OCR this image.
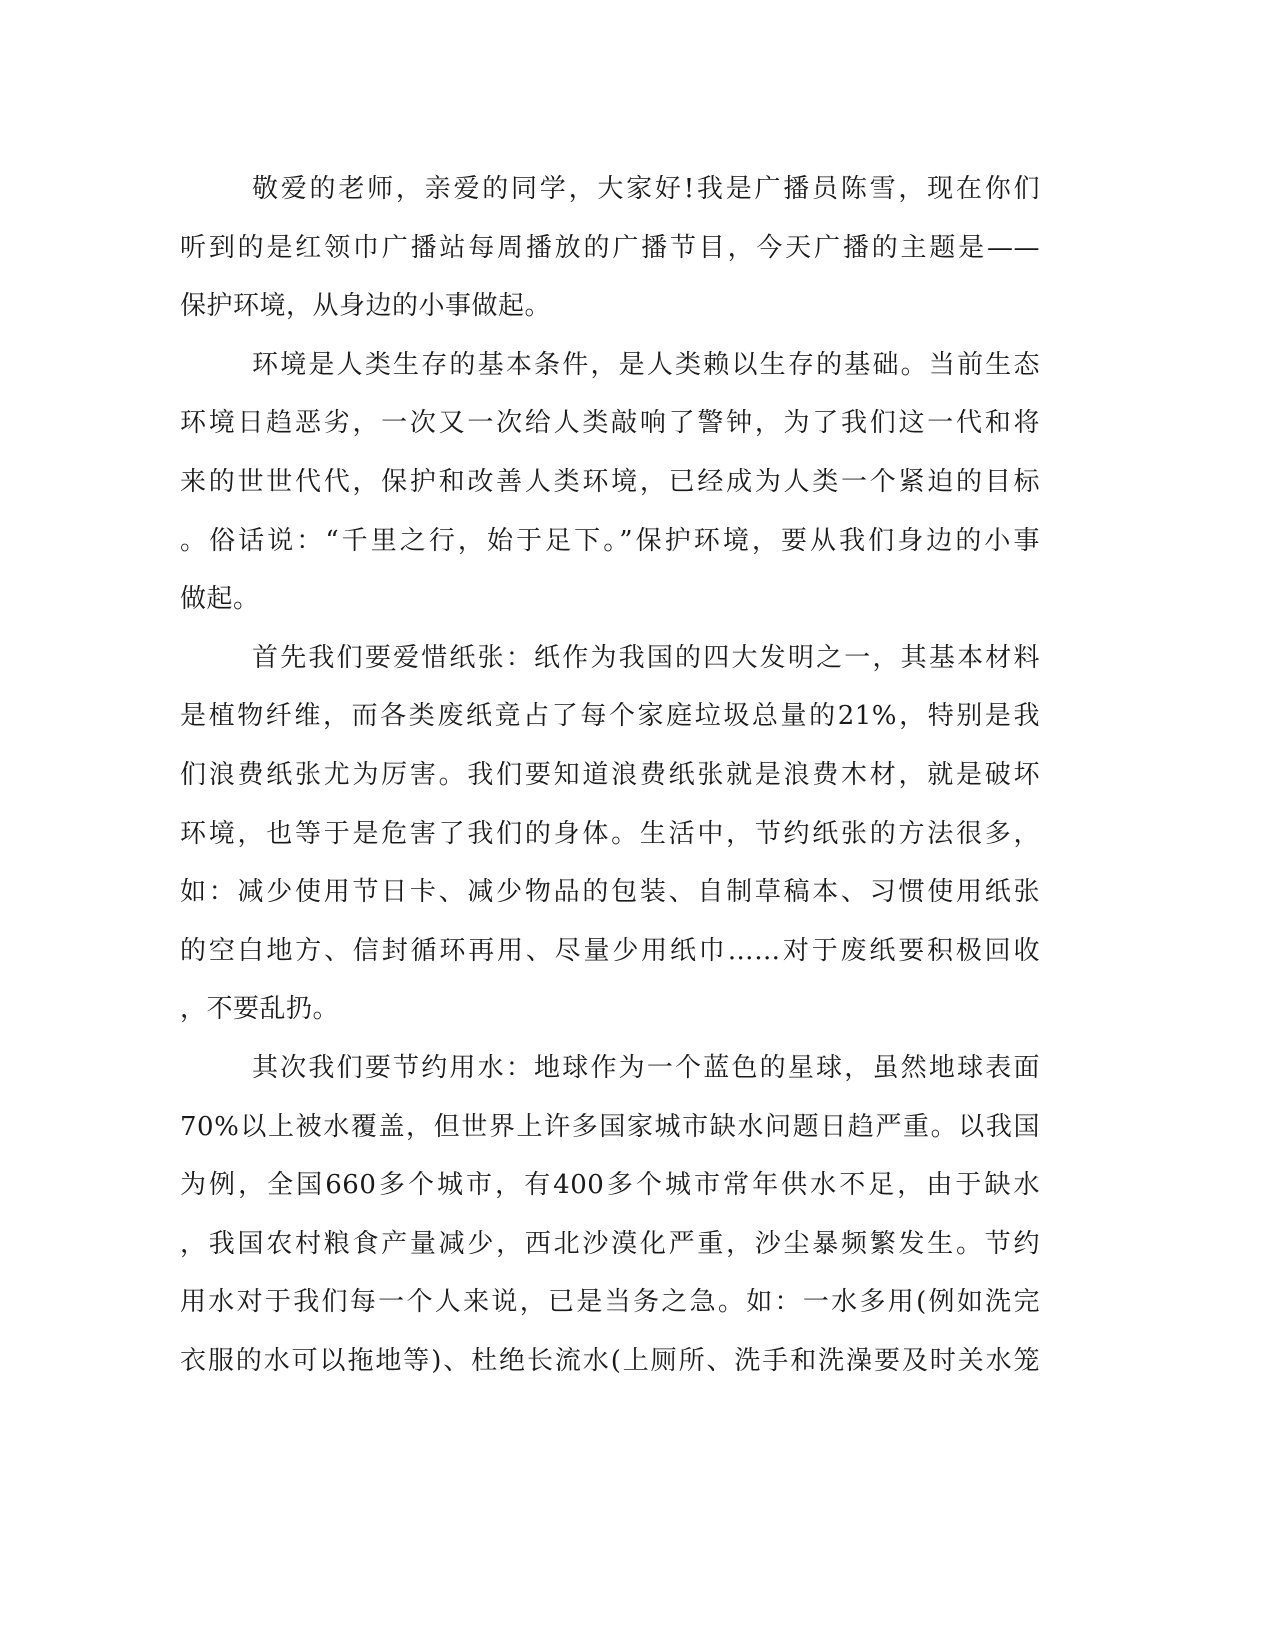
敬爱的老师，亲爱的同学，大家好!我是广播员陈雪，现在你们
听到的是红领巾广播站每周播放的广播节目，今天广播的主题是——
保护环境，从身边的小事做起。
环境是人类生存的基本条件，是人类赖以生存的基础。当前生态
环境日趋恶劣，一次又一次给人类敲响了警钟，为了我们这一代和将
来的世世代代，保护和改善人类环境，已经成为人类一个紧迫的目标
。俗话说：“千里之行，始于足下。”保护环境，要从我们身边的小事
做起。
首先我们要爱惜纸张：纸作为我国的四大发明之一，其基本材料
是植物纤维，而各类废纸竟占了每个家庭垃圾总量的21%，特别是我
们浪费纸张尤为厉害。我们要知道浪费纸张就是浪费木材，就是破坏
环境，也等于是危害了我们的身体。生活中，节约纸张的方法很多，
如：减少使用节日卡、减少物品的包装、自制草稿本、习惯使用纸张
的空白地方、信封循环再用、尽量少用纸巾……对于废纸要积极回收
，不要乱扔。
其次我们要节约用水：地球作为一个蓝色的星球，虽然地球表面
70%以上被水覆盖，但世界上许多国家城市缺水问题日趋严重。以我国
为例，全国660多个城市，有400多个城市常年供水不足，由于缺水
，我国农村粮食产量减少，西北沙漠化严重，沙尘暴频繁发生。节约
用水对于我们每一个人来说，已是当务之急。如：一水多用(例如洗完
衣服的水可以拖地等)、杜绝长流水(上厕所、洗手和洗澡要及时关水笼
